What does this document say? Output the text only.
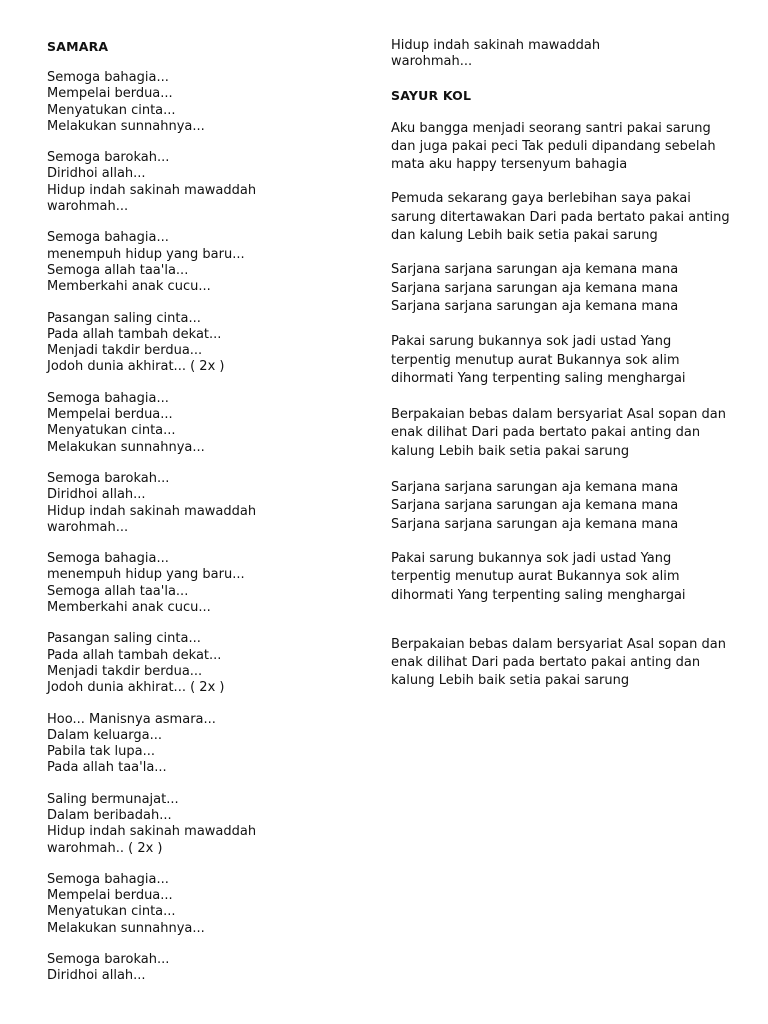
SAMARA

Semoga bahagia...
Mempelai berdua...
Menyatukan cinta...
Melakukan sunnahnya...
Semoga barokah...
Diridhoi allah...
Hidup indah sakinah mawaddah
warohmah...
Semoga bahagia...
menempuh hidup yang baru...
Semoga allah taa'la...
Memberkahi anak cucu...
Pasangan saling cinta...
Pada allah tambah dekat...
Menjadi takdir berdua...
Jodoh dunia akhirat... ( 2x )
Semoga bahagia...
Mempelai berdua...
Menyatukan cinta...
Melakukan sunnahnya...
Semoga barokah...
Diridhoi allah...
Hidup indah sakinah mawaddah
warohmah...
Semoga bahagia...
menempuh hidup yang baru...
Semoga allah taa'la...
Memberkahi anak cucu...
Pasangan saling cinta...
Pada allah tambah dekat...
Menjadi takdir berdua...
Jodoh dunia akhirat... ( 2x )
Hoo... Manisnya asmara...
Dalam keluarga...
Pabila tak lupa...
Pada allah taa'la...
Saling bermunajat...
Dalam beribadah...
Hidup indah sakinah mawaddah
warohmah.. ( 2x )
Semoga bahagia...
Mempelai berdua...
Menyatukan cinta...
Melakukan sunnahnya...
Semoga barokah...
Diridhoi allah...
Hidup indah sakinah mawaddah
warohmah...

SAYUR KOL

Aku bangga menjadi seorang santri pakai sarung dan juga pakai peci Tak peduli dipandang sebelah mata aku happy tersenyum bahagia

Pemuda sekarang gaya berlebihan saya pakai sarung ditertawakan Dari pada bertato pakai anting dan kalung Lebih baik setia pakai sarung

Sarjana sarjana sarungan aja kemana mana Sarjana sarjana sarungan aja kemana mana Sarjana sarjana sarungan aja kemana mana

Pakai sarung bukannya sok jadi ustad Yang terpentig menutup aurat Bukannya sok alim dihormati Yang terpenting saling menghargai

Berpakaian bebas dalam bersyariat Asal sopan dan enak dilihat Dari pada bertato pakai anting dan kalung Lebih baik setia pakai sarung

Sarjana sarjana sarungan aja kemana mana Sarjana sarjana sarungan aja kemana mana Sarjana sarjana sarungan aja kemana mana

Pakai sarung bukannya sok jadi ustad Yang terpentig menutup aurat Bukannya sok alim dihormati Yang terpenting saling menghargai

Berpakaian bebas dalam bersyariat Asal sopan dan enak dilihat Dari pada bertato pakai anting dan kalung Lebih baik setia pakai sarung
